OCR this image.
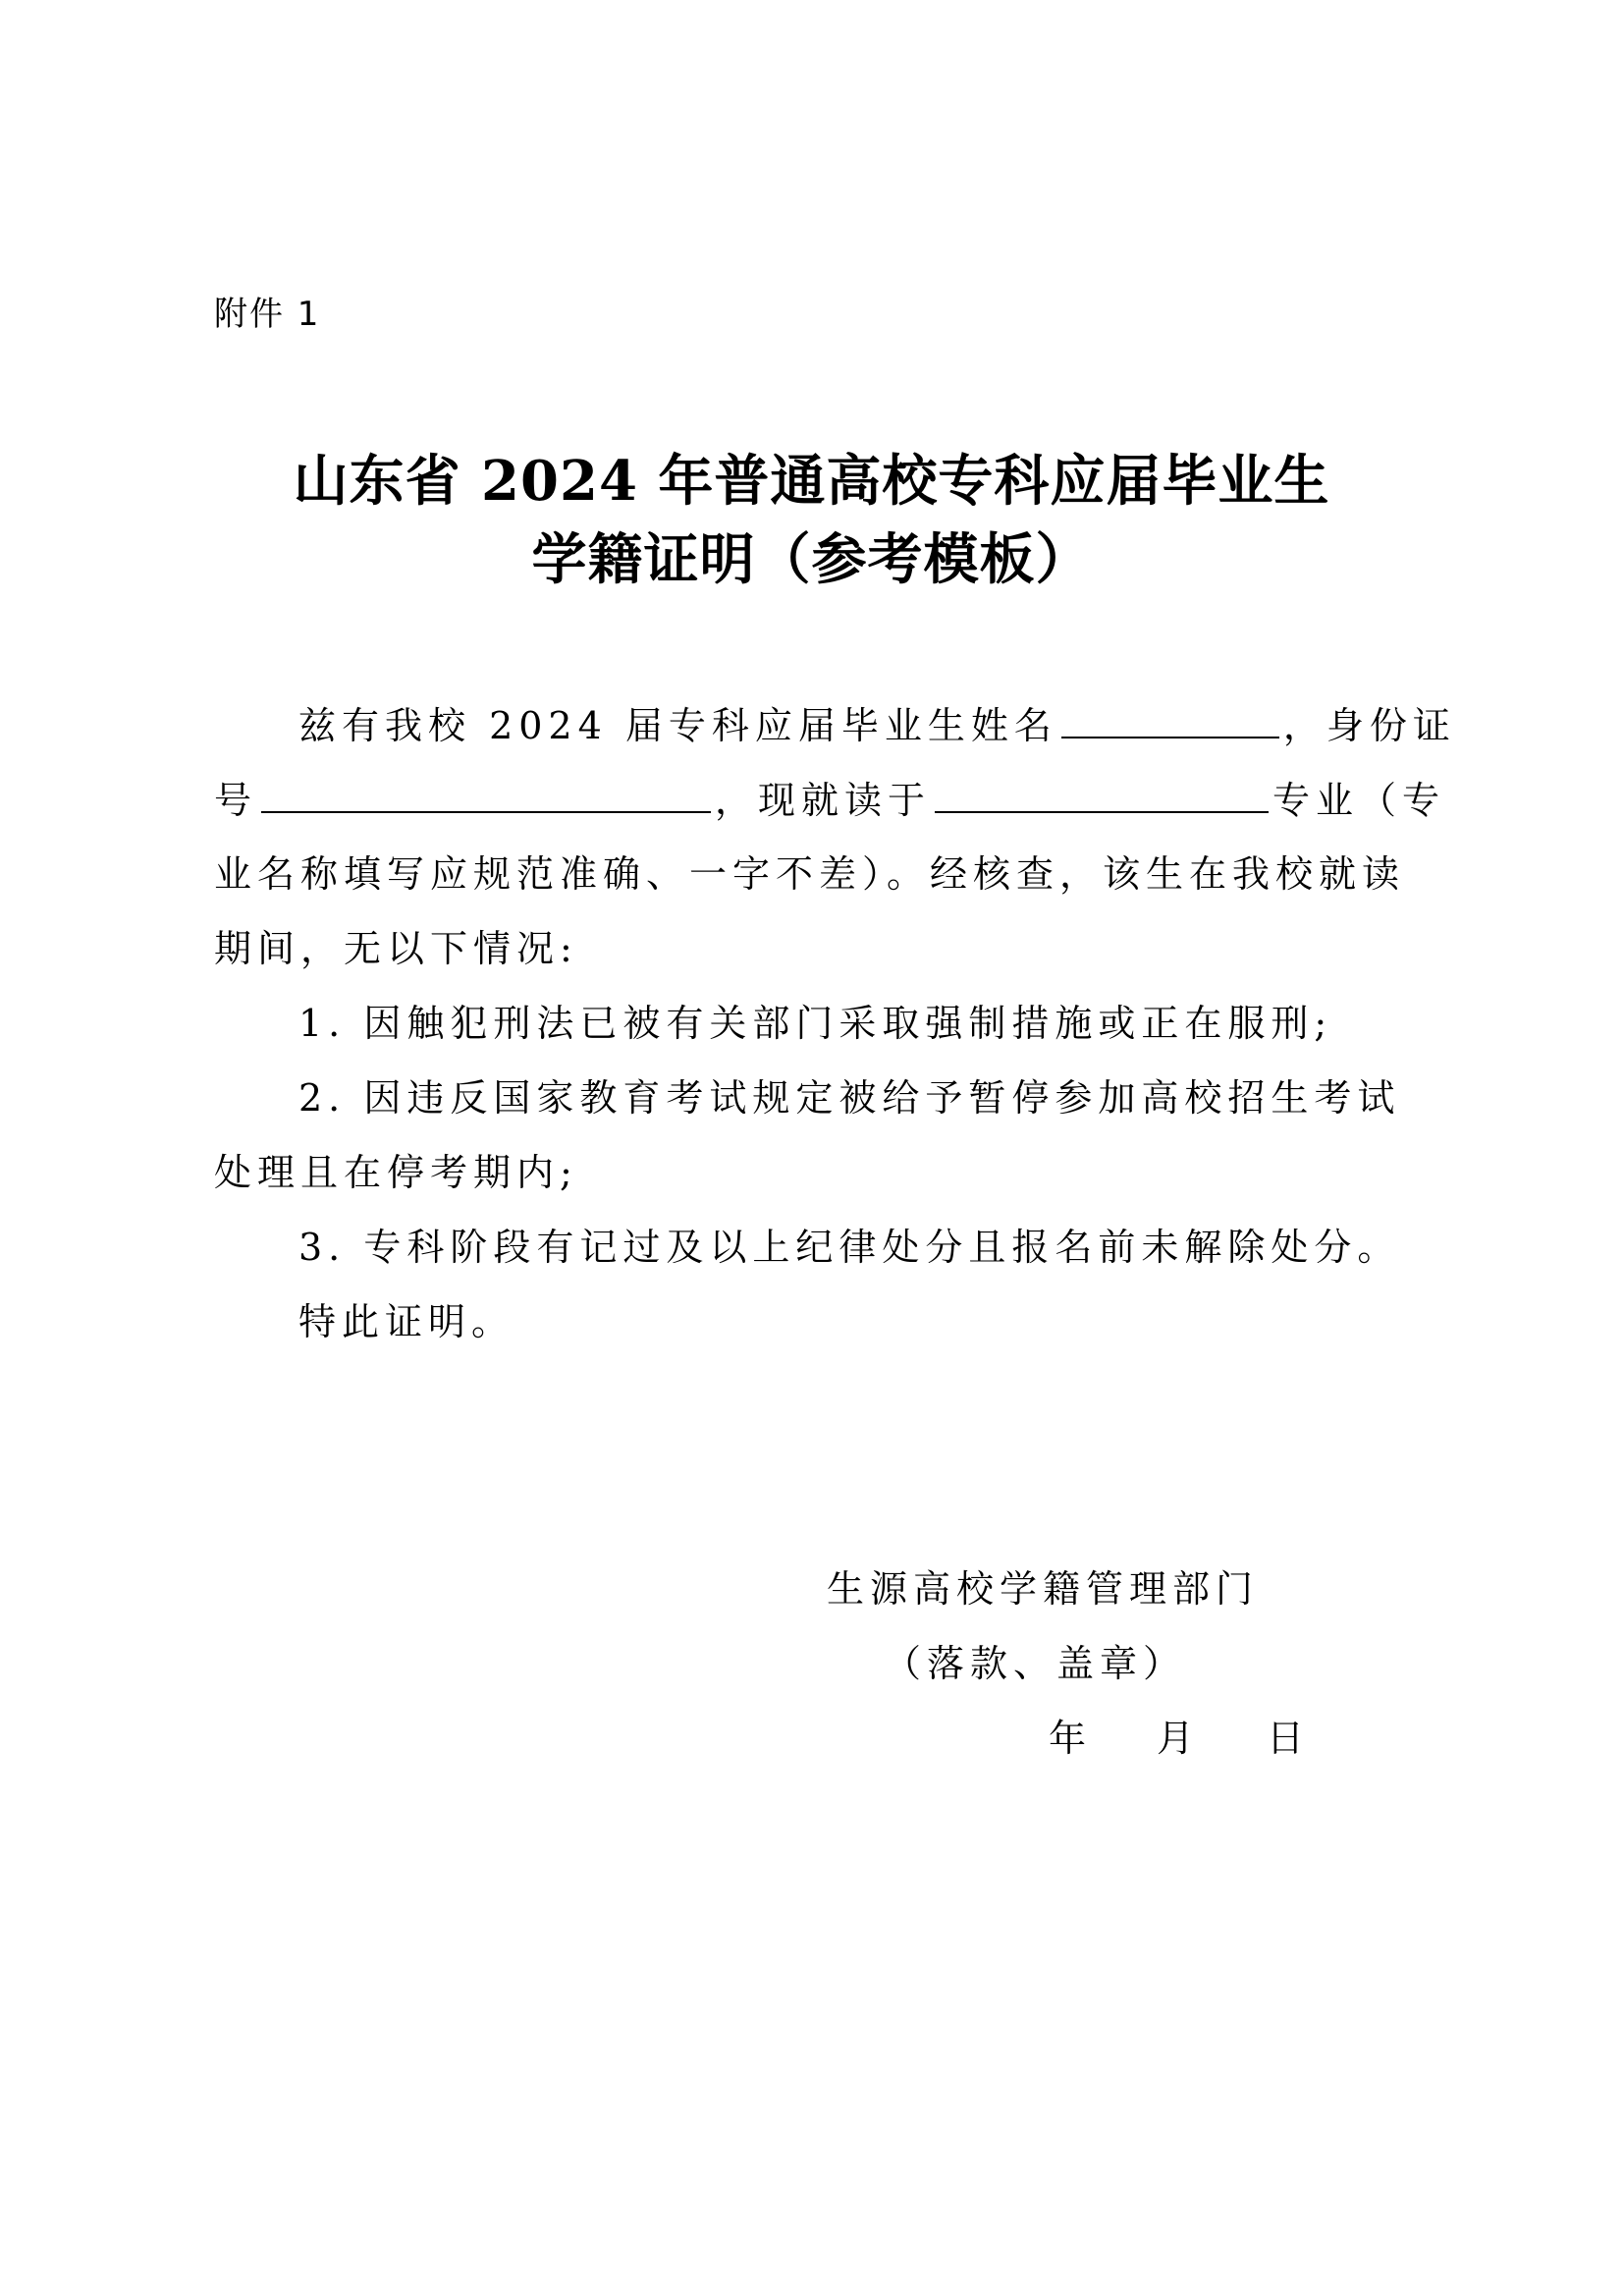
附件 1
山东省 2024 年普通高校专科应届毕业生
学籍证明（参考模板）
兹有我校 2024 届专科应届毕业生姓名	，身份证
号	，现就读于	专业（专
业名称填写应规范准确、一字不差）。经核查，该生在我校就读
期间，无以下情况:
1. 因触犯刑法已被有关部门采取强制措施或正在服刑;
2. 因违反国家教育考试规定被给予暂停参加高校招生考试
处理且在停考期内;
3. 专科阶段有记过及以上纪律处分且报名前未解除处分。
特此证明。
生源高校学籍管理部门
（落款、盖章）
年 月 日
